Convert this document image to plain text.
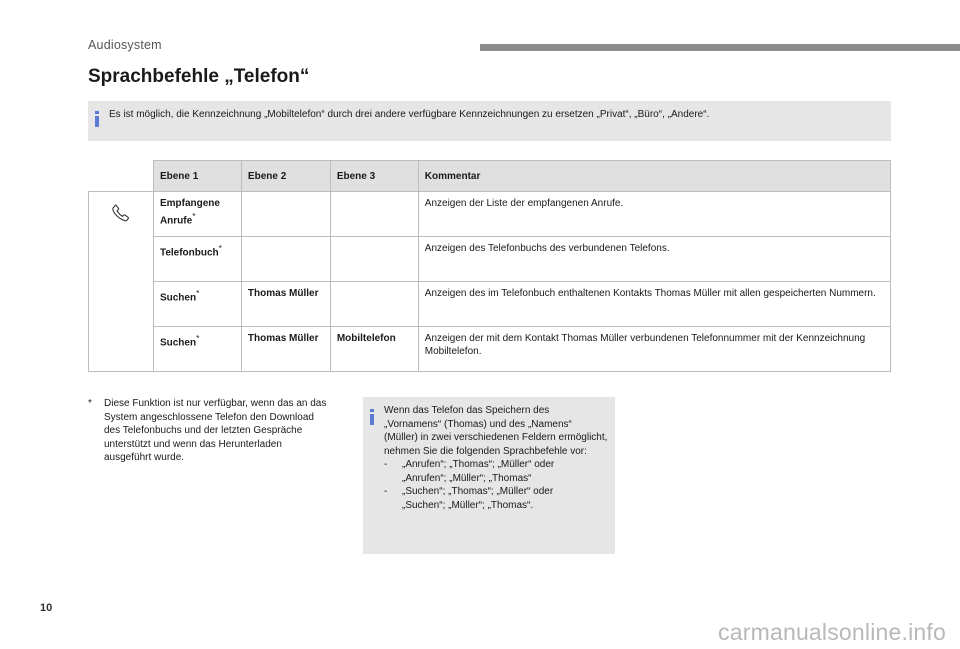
Audiosystem
Sprachbefehle „Telefon“
Es ist möglich, die Kennzeichnung „Mobiltelefon“ durch drei andere verfügbare Kennzeichnungen zu ersetzen „Privat“, „Büro“, „Andere“.
	Ebene 1	Ebene 2	Ebene 3	Kommentar

	Empfangene Anrufe*			Anzeigen der Liste der empfangenen Anrufe.
	Telefonbuch*			Anzeigen des Telefonbuchs des verbundenen Telefons.
	Suchen*	Thomas Müller		Anzeigen des im Telefonbuch enthaltenen Kontakts Thomas Müller mit allen gespeicherten Nummern.
	Suchen*	Thomas Müller	Mobiltelefon	Anzeigen der mit dem Kontakt Thomas Müller verbundenen Telefonnummer mit der Kennzeichnung Mobiltelefon.
* Diese Funktion ist nur verfügbar, wenn das an das System angeschlossene Telefon den Download des Telefonbuchs und der letzten Gespräche unterstützt und wenn das Herunterladen ausgeführt wurde.
Wenn das Telefon das Speichern des „Vornamens“ (Thomas) und des „Namens“ (Müller) in zwei verschiedenen Feldern ermöglicht, nehmen Sie die folgenden Sprachbefehle vor:
- „Anrufen“; „Thomas“; „Müller“ oder
„Anrufen“; „Müller“; „Thomas“
- „Suchen“; „Thomas“; „Müller“ oder
„Suchen“; „Müller“; „Thomas“.
10
carmanualsonline.info
